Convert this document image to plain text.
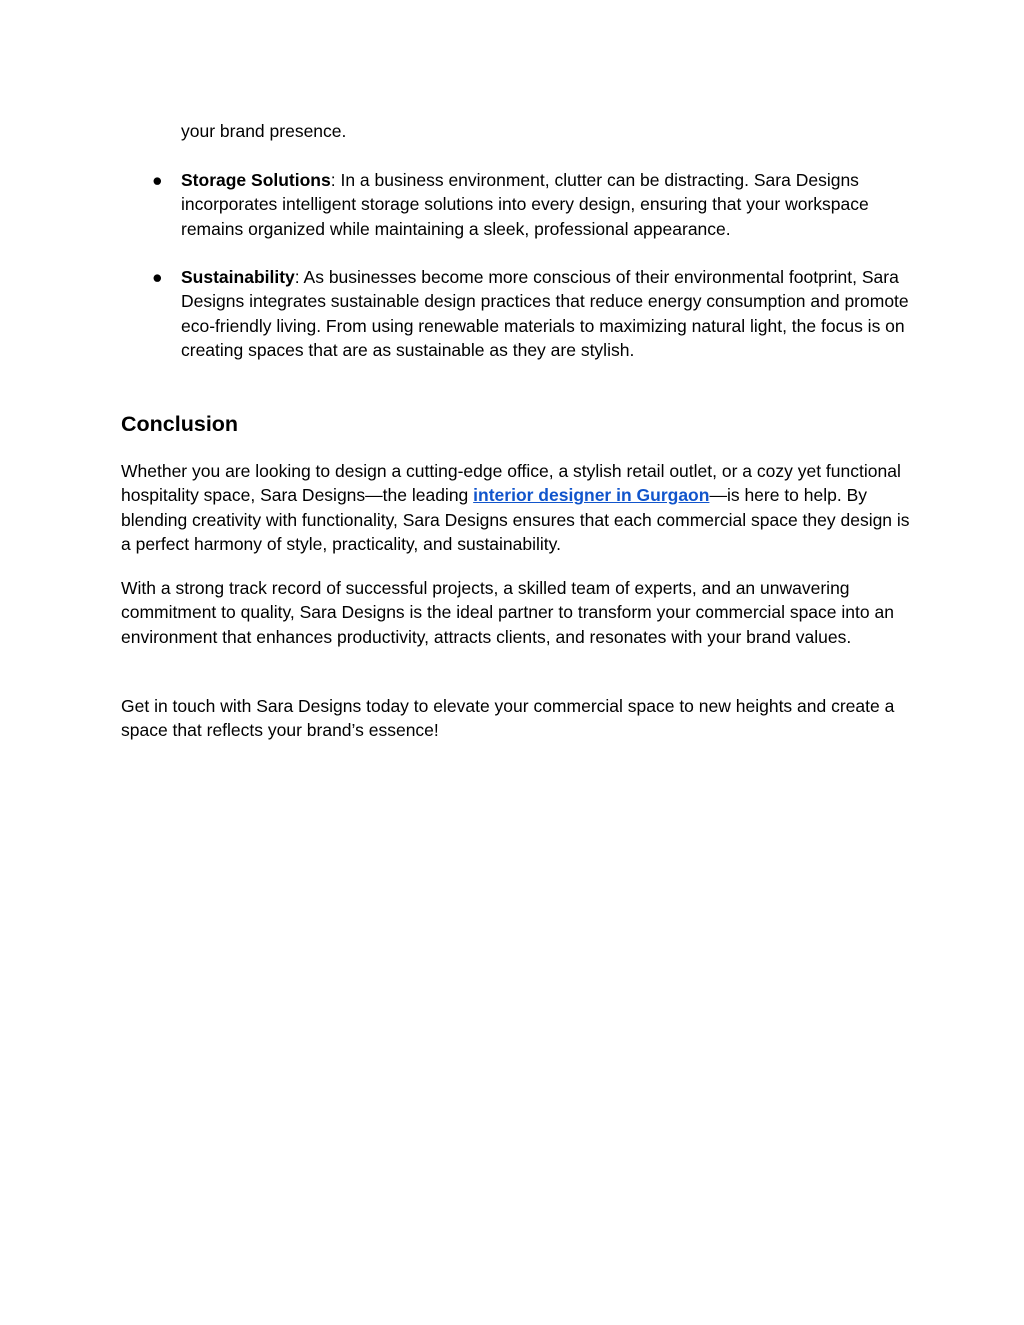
your brand presence.

● Storage Solutions: In a business environment, clutter can be distracting. Sara Designs incorporates intelligent storage solutions into every design, ensuring that your workspace remains organized while maintaining a sleek, professional appearance.

● Sustainability: As businesses become more conscious of their environmental footprint, Sara Designs integrates sustainable design practices that reduce energy consumption and promote eco-friendly living. From using renewable materials to maximizing natural light, the focus is on creating spaces that are as sustainable as they are stylish.

Conclusion

Whether you are looking to design a cutting-edge office, a stylish retail outlet, or a cozy yet functional hospitality space, Sara Designs—the leading interior designer in Gurgaon—is here to help. By blending creativity with functionality, Sara Designs ensures that each commercial space they design is a perfect harmony of style, practicality, and sustainability.

With a strong track record of successful projects, a skilled team of experts, and an unwavering commitment to quality, Sara Designs is the ideal partner to transform your commercial space into an environment that enhances productivity, attracts clients, and resonates with your brand values.

Get in touch with Sara Designs today to elevate your commercial space to new heights and create a space that reflects your brand’s essence!
